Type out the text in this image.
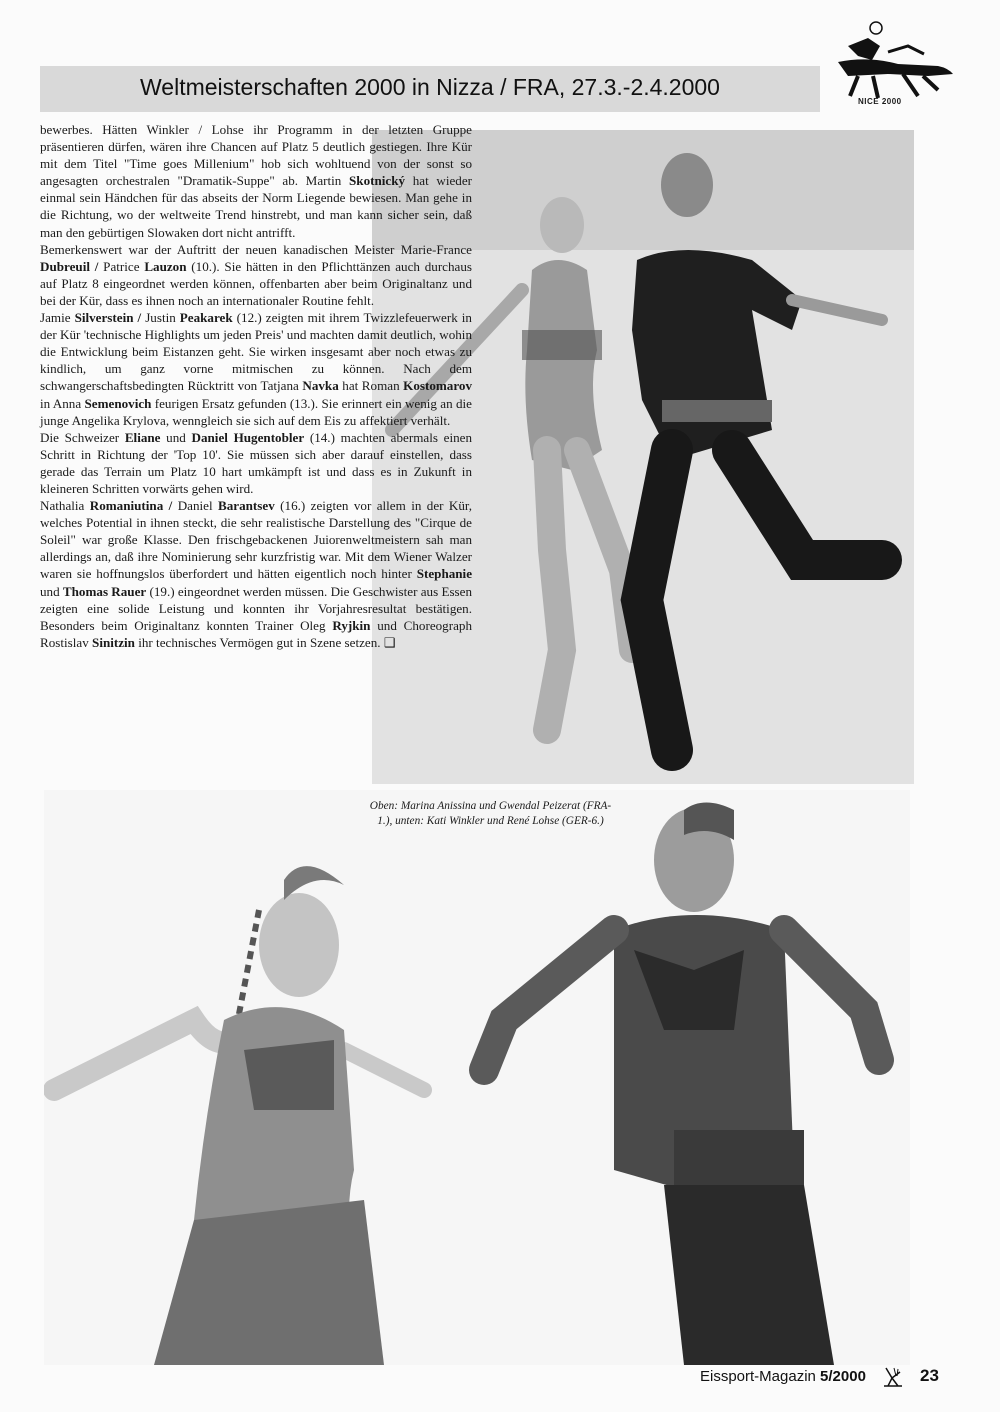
Weltmeisterschaften 2000 in Nizza / FRA, 27.3.-2.4.2000
NICE 2000

bewerbes. Hätten Winkler / Lohse ihr Programm in der letzten Gruppe präsentieren dürfen, wären ihre Chancen auf Platz 5 deutlich gestiegen. Ihre Kür mit dem Titel "Time goes Millenium" hob sich wohltuend von der sonst so angesagten orchestralen "Dramatik-Suppe" ab. Martin Skotnický hat wieder einmal sein Händchen für das abseits der Norm Liegende bewiesen. Man gehe in die Richtung, wo der weltweite Trend hinstrebt, und man kann sicher sein, daß man den gebürtigen Slowaken dort nicht antrifft.

Bemerkenswert war der Auftritt der neuen kanadischen Meister Marie-France Dubreuil / Patrice Lauzon (10.). Sie hätten in den Pflichttänzen auch durchaus auf Platz 8 eingeordnet werden können, offenbarten aber beim Originaltanz und bei der Kür, dass es ihnen noch an internationaler Routine fehlt.

Jamie Silverstein / Justin Peakarek (12.) zeigten mit ihrem Twizzlefeuerwerk in der Kür 'technische Highlights um jeden Preis' und machten damit deutlich, wohin die Entwicklung beim Eistanzen geht. Sie wirken insgesamt aber noch etwas zu kindlich, um ganz vorne mitmischen zu können. Nach dem schwangerschaftsbedingten Rücktritt von Tatjana Navka hat Roman Kostomarov in Anna Semenovich feurigen Ersatz gefunden (13.). Sie erinnert ein wenig an die junge Angelika Krylova, wenngleich sie sich auf dem Eis zu affektiert verhält.

Die Schweizer Eliane und Daniel Hugentobler (14.) machten abermals einen Schritt in Richtung der 'Top 10'. Sie müssen sich aber darauf einstellen, dass gerade das Terrain um Platz 10 hart umkämpft ist und dass es in Zukunft in kleineren Schritten vorwärts gehen wird.

Nathalia Romaniutina / Daniel Barantsev (16.) zeigten vor allem in der Kür, welches Potential in ihnen steckt, die sehr realistische Darstellung des "Cirque de Soleil" war große Klasse. Den frischgebackenen Juiorenweltmeistern sah man allerdings an, daß ihre Nominierung sehr kurzfristig war. Mit dem Wiener Walzer waren sie hoffnungslos überfordert und hätten eigentlich noch hinter Stephanie und Thomas Rauer (19.) eingeordnet werden müssen. Die Geschwister aus Essen zeigten eine solide Leistung und konnten ihr Vorjahresresultat bestätigen. Besonders beim Originaltanz konnten Trainer Oleg Ryjkin und Choreograph Rostislav Sinitzin ihr technisches Vermögen gut in Szene setzen. ❑

Oben: Marina Anissina und Gwendal Peizerat (FRA-1.), unten: Kati Winkler und René Lohse (GER-6.)
Eissport-Magazin 5/2000	23
